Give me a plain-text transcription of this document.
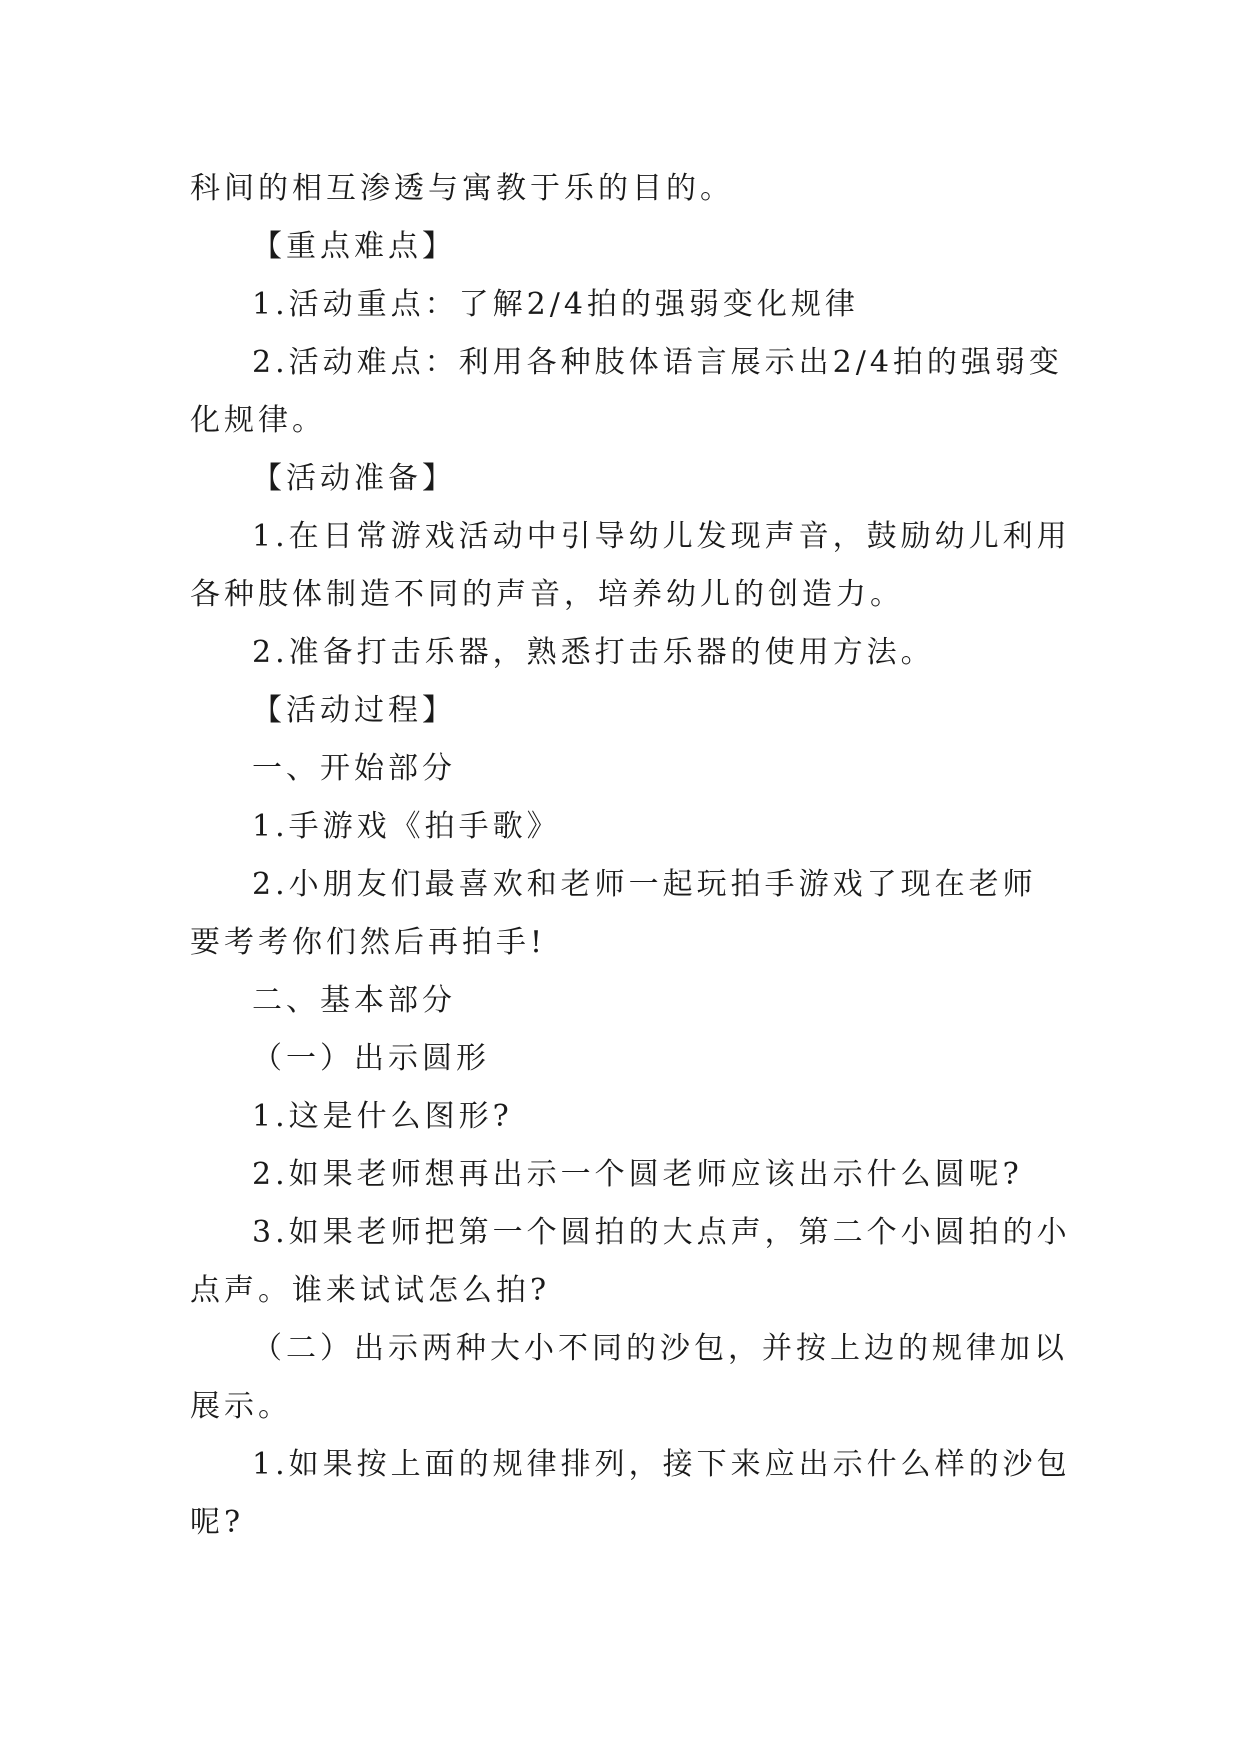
科间的相互渗透与寓教于乐的目的。
【重点难点】
1.活动重点：了解2/4拍的强弱变化规律
2.活动难点：利用各种肢体语言展示出2/4拍的强弱变
化规律。
【活动准备】
1.在日常游戏活动中引导幼儿发现声音，鼓励幼儿利用
各种肢体制造不同的声音，培养幼儿的创造力。
2.准备打击乐器，熟悉打击乐器的使用方法。
【活动过程】
一、开始部分
1.手游戏《拍手歌》
2.小朋友们最喜欢和老师一起玩拍手游戏了现在老师
要考考你们然后再拍手!
二、基本部分
（一）出示圆形
1.这是什么图形?
2.如果老师想再出示一个圆老师应该出示什么圆呢?
3.如果老师把第一个圆拍的大点声，第二个小圆拍的小
点声。谁来试试怎么拍?
（二）出示两种大小不同的沙包，并按上边的规律加以
展示。
1.如果按上面的规律排列，接下来应出示什么样的沙包
呢?
